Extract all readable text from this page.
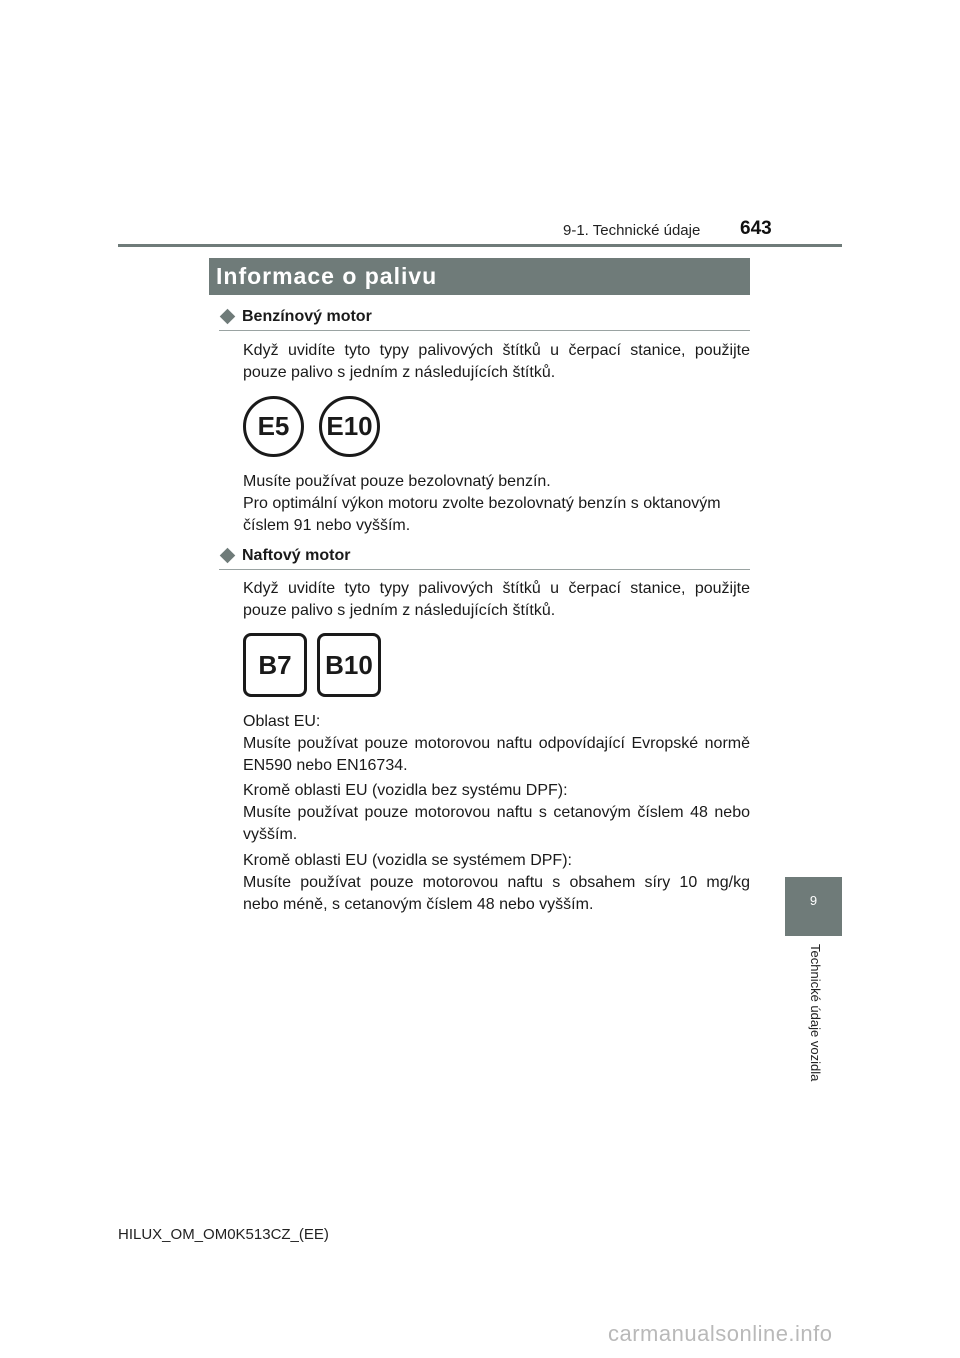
9-1. Technické údaje 643
Informace o palivu
Benzínový motor
Když uvidíte tyto typy palivových štítků u čerpací stanice, použijte
pouze palivo s jedním z následujících štítků.
E5	E10
Musíte používat pouze bezolovnatý benzín.
Pro optimální výkon motoru zvolte bezolovnatý benzín s oktanovým
číslem 91 nebo vyšším.
Naftový motor
Když uvidíte tyto typy palivových štítků u čerpací stanice, použijte
pouze palivo s jedním z následujících štítků.
B7	B10
Oblast EU:
Musíte používat pouze motorovou naftu odpovídající Evropské normě
EN590 nebo EN16734.
Kromě oblasti EU (vozidla bez systému DPF):
Musíte používat pouze motorovou naftu s cetanovým číslem 48 nebo
vyšším.
Kromě oblasti EU (vozidla se systémem DPF):
Musíte používat pouze motorovou naftu s obsahem síry 10 mg/kg
nebo méně, s cetanovým číslem 48 nebo vyšším.	9
Technické údaje vozidla
HILUX_OM_OM0K513CZ_(EE)
carmanualsonline.info
